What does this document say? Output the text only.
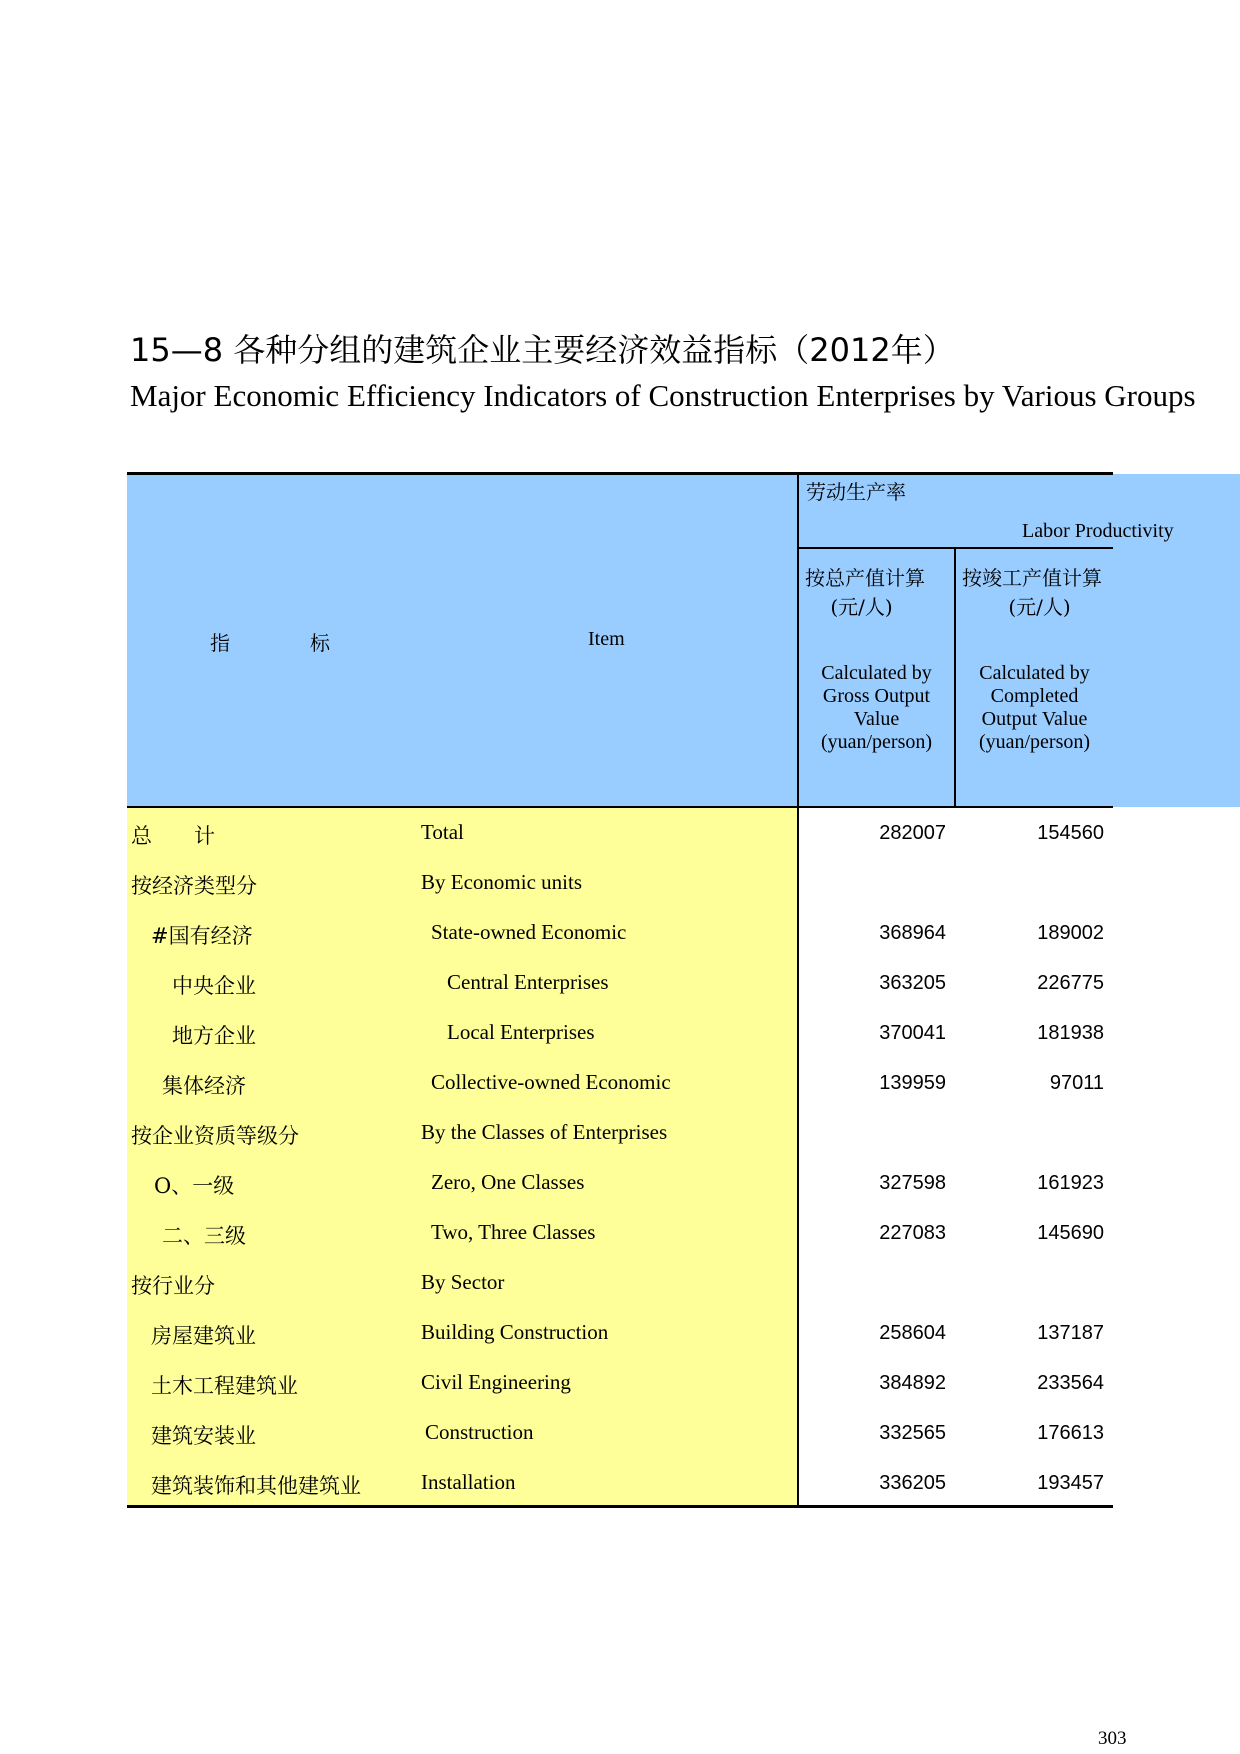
15—8 各种分组的建筑企业主要经济效益指标（2012年）
Major Economic Efficiency Indicators of Construction Enterprises by Various Groups
指　　　　标	Item
劳动生产率
Labor Productivity
按总产值计算
(元/人)
Calculated by
Gross Output
Value
(yuan/person)
按竣工产值计算
(元/人)
Calculated by
Completed
Output Value
(yuan/person)
总　　计	Total	282007	154560
按经济类型分	By Economic units
#国有经济	State-owned Economic	368964	189002
中央企业	Central Enterprises	363205	226775
地方企业	Local Enterprises	370041	181938
集体经济	Collective-owned Economic	139959	97011
按企业资质等级分	By the Classes of Enterprises
O、一级	Zero, One Classes	327598	161923
二、三级	Two, Three Classes	227083	145690
按行业分	By Sector
房屋建筑业	Building Construction	258604	137187
土木工程建筑业	Civil Engineering	384892	233564
建筑安装业	Construction	332565	176613
建筑装饰和其他建筑业	Installation	336205	193457
303
